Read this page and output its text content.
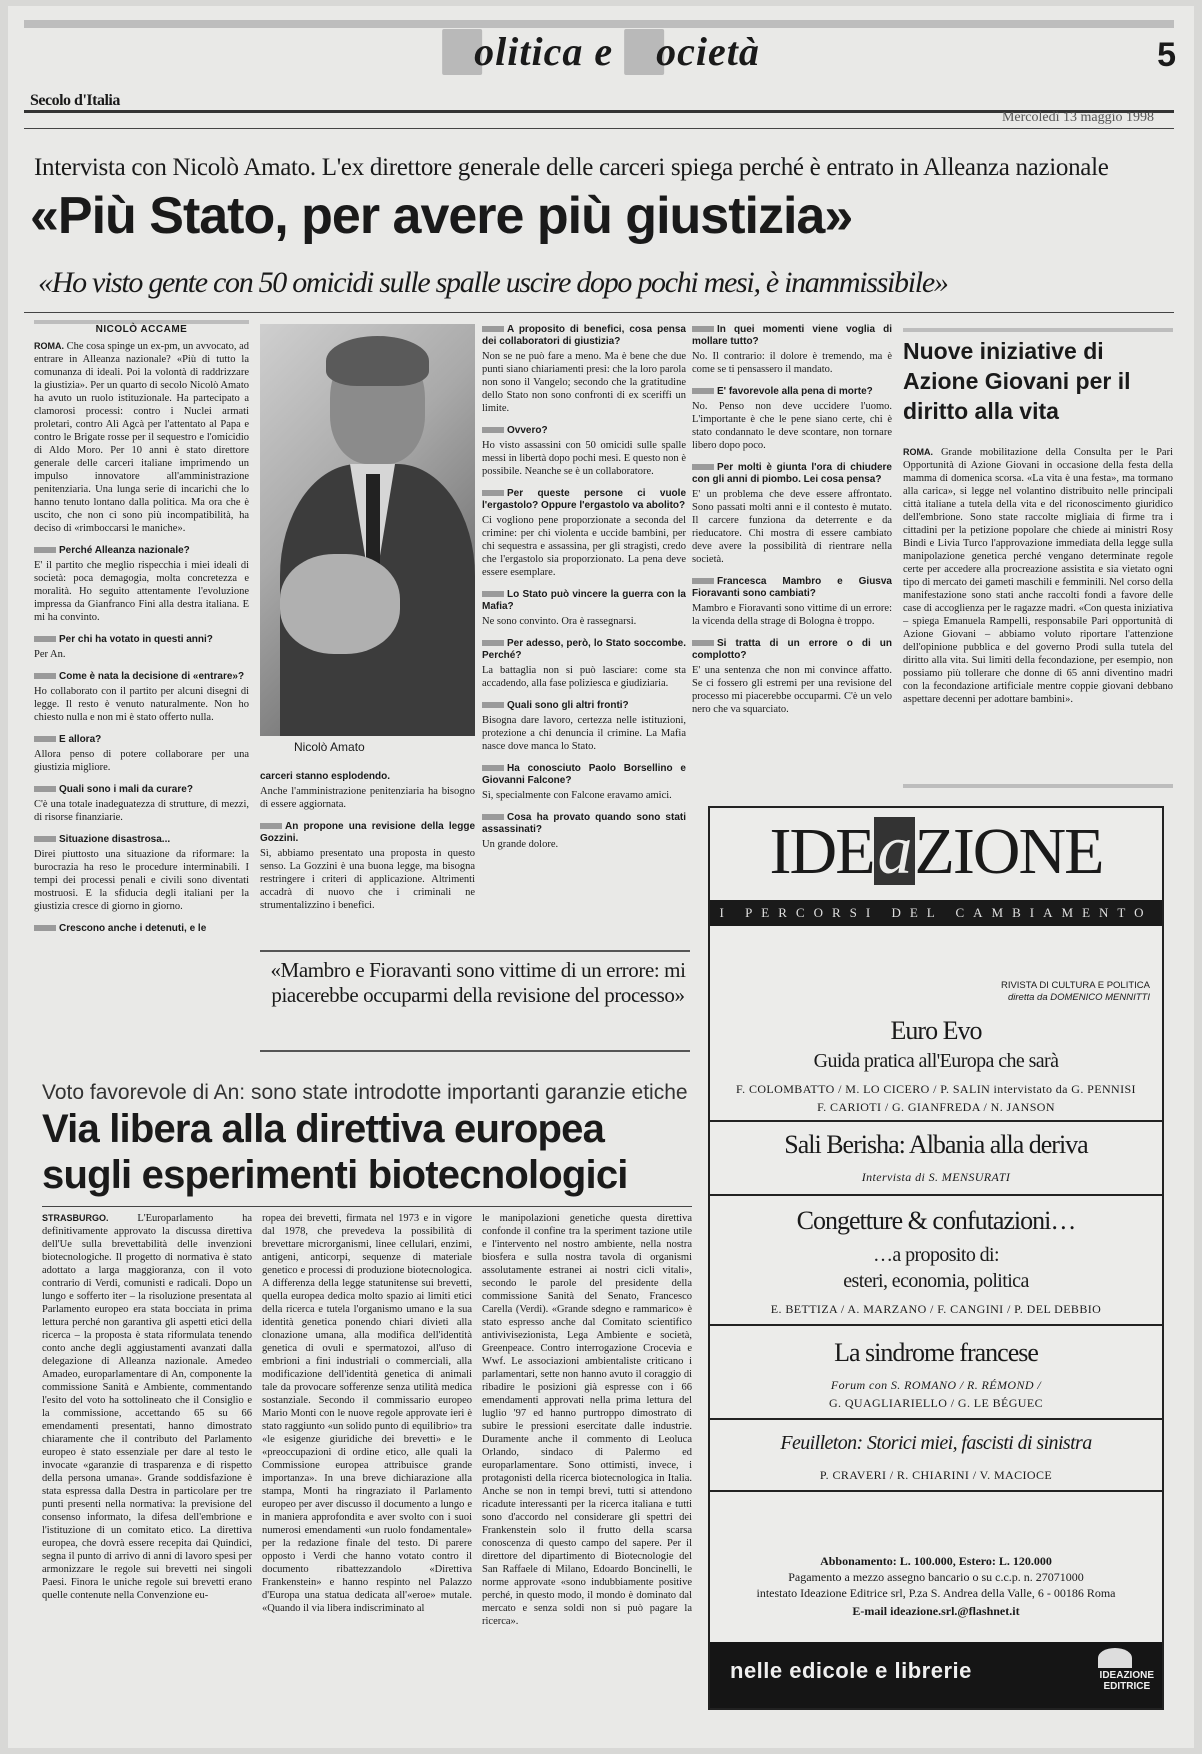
olitica e ocietà	5
Secolo d'Italia
Mercoledì 13 maggio 1998
Intervista con Nicolò Amato. L'ex direttore generale delle carceri spiega perché è entrato in Alleanza nazionale
«Più Stato, per avere più giustizia»
«Ho visto gente con 50 omicidi sulle spalle uscire dopo pochi mesi, è inammissibile»
NICOLÒ ACCAME

ROMA. Che cosa spinge un ex-pm, un avvocato, ad entrare in Alleanza nazionale? «Più di tutto la comunanza di ideali. Poi la volontà di raddrizzare la giustizia». Per un quarto di secolo Nicolò Amato ha avuto un ruolo istituzionale. Ha partecipato a clamorosi processi: contro i Nuclei armati proletari, contro Alì Agcà per l'attentato al Papa e contro le Brigate rosse per il sequestro e l'omicidio di Aldo Moro. Per 10 anni è stato direttore generale delle carceri italiane imprimendo un impulso innovatore all'amministrazione penitenziaria. Una lunga serie di incarichi che lo hanno tenuto lontano dalla politica. Ma ora che è uscito, che non ci sono più incompatibilità, ha deciso di «rimboccarsi le maniche».

Perché Alleanza nazionale?

E' il partito che meglio rispecchia i miei ideali di società: poca demagogia, molta concretezza e moralità. Ho seguito attentamente l'evoluzione impressa da Gianfranco Fini alla destra italiana. E mi ha convinto.

Per chi ha votato in questi anni?

Per An.

Come è nata la decisione di «entrare»?

Ho collaborato con il partito per alcuni disegni di legge. Il resto è venuto naturalmente. Non ho chiesto nulla e non mi è stato offerto nulla.

E allora?

Allora penso di potere collaborare per una giustizia migliore.

Quali sono i mali da curare?

C'è una totale inadeguatezza di strutture, di mezzi, di risorse finanziarie.

Situazione disastrosa...

Direi piuttosto una situazione da riformare: la burocrazia ha reso le procedure interminabili. I tempi dei processi penali e civili sono diventati mostruosi. E la sfiducia degli italiani per la giustizia cresce di giorno in giorno.

Crescono anche i detenuti, e le
Nicolò Amato

carceri stanno esplodendo.

Anche l'amministrazione penitenziaria ha bisogno di essere aggiornata.

An propone una revisione della legge Gozzini.

Sì, abbiamo presentato una proposta in questo senso. La Gozzini è una buona legge, ma bisogna restringere i criteri di applicazione. Altrimenti accadrà di nuovo che i criminali ne strumentalizzino i benefici.

A proposito di benefici, cosa pensa dei collaboratori di giustizia?

Non se ne può fare a meno. Ma è bene che due punti siano chiariamenti presi: che la loro parola non sono il Vangelo; secondo che la gratitudine dello Stato non sono confronti di ex sceriffi un limite.

Ovvero?

Ho visto assassini con 50 omicidi sulle spalle messi in libertà dopo pochi mesi. E questo non è possibile. Neanche se è un collaboratore.

Per queste persone ci vuole l'ergastolo? Oppure l'ergastolo va abolito?

Ci vogliono pene proporzionate a seconda del crimine: per chi violenta e uccide bambini, per chi sequestra e assassina, per gli stragisti, credo che l'ergastolo sia proporzionato. La pena deve essere esemplare.

Lo Stato può vincere la guerra con la Mafia?

Ne sono convinto. Ora è rassegnarsi.

Per adesso, però, lo Stato soccombe. Perché?

La battaglia non si può lasciare: come sta accadendo, alla fase poliziesca e giudiziaria.

Quali sono gli altri fronti?

Bisogna dare lavoro, certezza nelle istituzioni, protezione a chi denuncia il crimine. La Mafia nasce dove manca lo Stato.

Ha conosciuto Paolo Borsellino e Giovanni Falcone?

Sì, specialmente con Falcone eravamo amici.

Cosa ha provato quando sono stati assassinati?

Un grande dolore.

In quei momenti viene voglia di mollare tutto?

No. Il contrario: il dolore è tremendo, ma è come se ti pensassero il mandato.

E' favorevole alla pena di morte?

No. Penso non deve uccidere l'uomo. L'importante è che le pene siano certe, chi è stato condannato le deve scontare, non tornare libero dopo poco.

Per molti è giunta l'ora di chiudere con gli anni di piombo. Lei cosa pensa?

E' un problema che deve essere affrontato. Sono passati molti anni e il contesto è mutato. Il carcere funziona da deterrente e da rieducatore. Chi mostra di essere cambiato deve avere la possibilità di rientrare nella società.

Francesca Mambro e Giusva Fioravanti sono cambiati?

Mambro e Fioravanti sono vittime di un errore: la vicenda della strage di Bologna è troppo.

Si tratta di un errore o di un complotto?

E' una sentenza che non mi convince affatto. Se ci fossero gli estremi per una revisione del processo mi piacerebbe occuparmi. C'è un velo nero che va squarciato.

«Mambro e Fioravanti sono vittime di un errore: mi piacerebbe occuparmi della revisione del processo»
Nuove iniziative di Azione Giovani per il diritto alla vita

ROMA. Grande mobilitazione della Consulta per le Pari Opportunità di Azione Giovani in occasione della festa della mamma di domenica scorsa. «La vita è una festa», ma tormano alla carica», si legge nel volantino distribuito nelle principali città italiane a tutela della vita e del riconoscimento giuridico dell'embrione. Sono state raccolte migliaia di firme tra i cittadini per la petizione popolare che chiede ai ministri Rosy Bindi e Livia Turco l'approvazione immediata della legge sulla manipolazione genetica perché vengano determinate regole certe per accedere alla procreazione assistita e sia vietato ogni tipo di mercato dei gameti maschili e femminili. Nel corso della manifestazione sono stati anche raccolti fondi a favore delle case di accoglienza per le ragazze madri. «Con questa iniziativa – spiega Emanuela Rampelli, responsabile Pari opportunità di Azione Giovani – abbiamo voluto riportare l'attenzione dell'opinione pubblica e del governo Prodi sulla tutela del diritto alla vita. Sui limiti della fecondazione, per esempio, non possiamo più tollerare che donne di 65 anni diventino madri con la fecondazione artificiale mentre coppie giovani debbano aspettare decenni per adottare bambini».

Voto favorevole di An: sono state introdotte importanti garanzie etiche
Via libera alla direttiva europea sugli esperimenti biotecnologici

STRASBURGO.	L'Europarlamento ha definitivamente approvato la discussa direttiva dell'Ue sulla brevettabilità delle invenzioni biotecnologiche. Il progetto di normativa è stato adottato a larga maggioranza, con il voto contrario di Verdi, comunisti e radicali. Dopo un lungo e sofferto iter – la risoluzione presentata al Parlamento europeo era stata bocciata in prima lettura perché non garantiva gli aspetti etici della ricerca – la proposta è stata riformulata tenendo conto anche degli aggiustamenti avanzati dalla delegazione di Alleanza nazionale. Amedeo Amadeo, europarlamentare di An, componente la commissione Sanità e Ambiente, commentando l'esito del voto ha sottolineato che il Consiglio e la commissione, accettando 65 su 66 emendamenti presentati, hanno dimostrato chiaramente che il contributo del Parlamento europeo è stato essenziale per dare al testo le invocate «garanzie di trasparenza e di rispetto della persona umana». Grande soddisfazione è stata espressa dalla Destra in particolare per tre punti presenti nella normativa: la previsione del consenso informato, la difesa dell'embrione e l'istituzione di un comitato etico. La direttiva europea, che dovrà essere recepita dai Quindici, segna il punto di arrivo di anni di lavoro spesi per armonizzare le regole sui brevetti nei singoli Paesi. Finora le uniche regole sui brevetti erano quelle contenute nella Convenzione eu-

ropea dei brevetti, firmata nel 1973 e in vigore dal 1978, che prevedeva la possibilità di brevettare microrganismi, linee cellulari, enzimi, antigeni, anticorpi, sequenze di materiale genetico e processi di produzione biotecnologica. A differenza della legge statunitense sui brevetti, quella europea dedica molto spazio ai limiti etici della ricerca e tutela l'organismo umano e la sua identità genetica ponendo chiari divieti alla clonazione umana, alla modifica dell'identità genetica di ovuli e spermatozoi, all'uso di embrioni a fini industriali o commerciali, alla modificazione dell'identità genetica di animali tale da provocare sofferenze senza utilità medica sostanziale. Secondo il commissario europeo Mario Monti con le nuove regole approvate ieri è stato raggiunto «un solido punto di equilibrio» tra «le esigenze giuridiche dei brevetti» e le «preoccupazioni di ordine etico, alle quali la Commissione europea attribuisce grande importanza». In una breve dichiarazione alla stampa, Monti ha ringraziato il Parlamento europeo per aver discusso il documento a lungo e in maniera approfondita e aver svolto con i suoi numerosi emendamenti «un ruolo fondamentale» per la redazione finale del testo. Di parere opposto i Verdi che hanno votato contro il documento ribattezzandolo «Direttiva Frankenstein» e hanno respinto nel Palazzo d'Europa una statua dedicata all'«eroe» mutale. «Quando il via libera indiscriminato al

le manipolazioni genetiche questa direttiva confonde il confine tra la speriment tazione utile e l'intervento nel nostro ambiente, nella nostra biosfera e sulla nostra tavola di organismi assolutamente estranei ai nostri cicli vitali», secondo le parole del presidente della commissione Sanità del Senato, Francesco Carella (Verdi). «Grande sdegno e rammarico» è stato espresso anche dal Comitato scientifico antivivisezionista, Lega Ambiente e società, Greenpeace. Contro interrogazione Crocevia e Wwf. Le associazioni ambientaliste criticano i parlamentari, sette non hanno avuto il coraggio di ribadire le posizioni già espresse con i 66 emendamenti approvati nella prima lettura del luglio '97 ed hanno purtroppo dimostrato di subire le pressioni esercitate dalle industrie. Duramente anche il commento di Leoluca Orlando, sindaco di Palermo ed europarlamentare. Sono ottimisti, invece, i protagonisti della ricerca biotecnologica in Italia. Anche se non in tempi brevi, tutti si attendono ricadute interessanti per la ricerca italiana e tutti sono d'accordo nel considerare gli spettri dei Frankenstein solo il frutto della scarsa conoscenza di questo campo del sapere. Per il direttore del dipartimento di Biotecnologie del San Raffaele di Milano, Edoardo Boncinelli, le norme approvate «sono indubbiamente positive perché, in questo modo, il mondo è dominato dal mercato e senza soldi non si può pagare la ricerca».

IDEaZIONE
I PERCORSI DEL CAMBIAMENTO
RIVISTA DI CULTURA E POLITICA
diretta da DOMENICO MENNITTI
Euro Evo
Guida pratica all'Europa che sarà
F. COLOMBATTO / M. LO CICERO / P. SALIN intervistato da G. PENNISI
F. CARIOTI / G. GIANFREDA / N. JANSON
Sali Berisha: Albania alla deriva
Intervista di S. MENSURATI
Congetture & confutazioni…
…a proposito di:
esteri, economia, politica
E. BETTIZA / A. MARZANO / F. CANGINI / P. DEL DEBBIO
La sindrome francese
Forum con S. ROMANO / R. RÉMOND /
G. QUAGLIARIELLO / G. LE BÉGUEC
Feuilleton: Storici miei, fascisti di sinistra
P. CRAVERI / R. CHIARINI / V. MACIOCE
Abbonamento: L. 100.000, Estero: L. 120.000
Pagamento a mezzo assegno bancario o su c.c.p. n. 27071000
intestato Ideazione Editrice srl, P.za S. Andrea della Valle, 6 - 00186 Roma
E-mail ideazione.srl.@flashnet.it
nelle edicole e librerie	IDEAZIONE
EDITRICE
